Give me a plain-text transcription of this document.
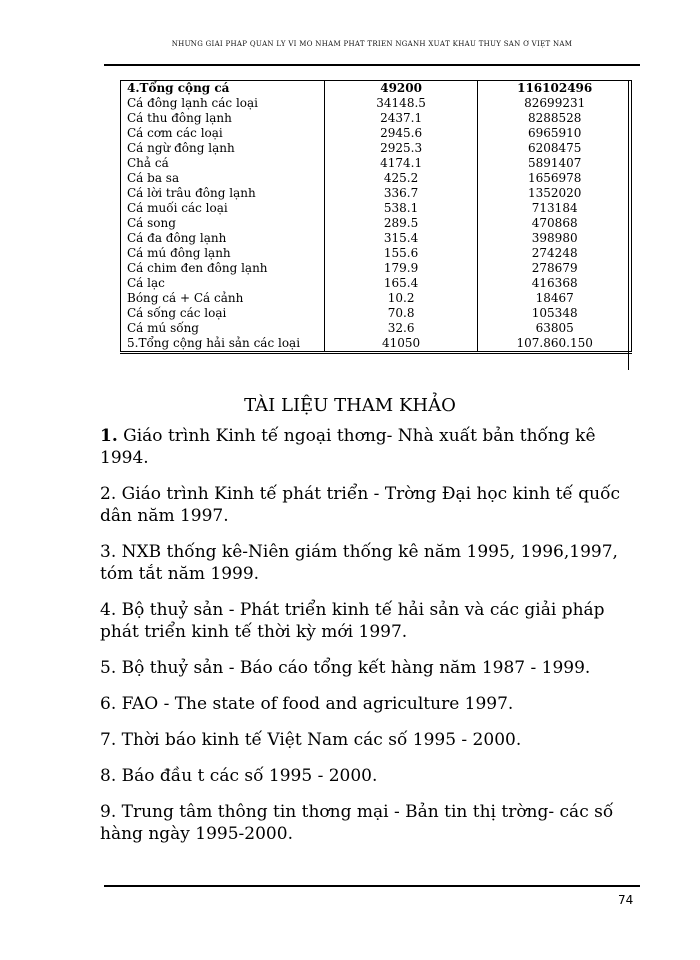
NHỮNG GIẢI PHÁP QUẢN LÝ VĨ MÔ NHẰM PHÁT TRIỂN NGÀNH XUẤT KHẨU THUỶ SẢN Ở VIỆT NAM
4.Tổng cộng cá	49200	116102496
Cá đông lạnh các loại	34148.5	82699231
Cá thu đông lạnh	2437.1	8288528
Cá cơm các loại	2945.6	6965910
Cá ngừ đông lạnh	2925.3	6208475
Chả cá	4174.1	5891407
Cá ba sa	425.2	1656978
Cá lời trâu đông lạnh	336.7	1352020
Cá muối các loại	538.1	713184
Cá song	289.5	470868
Cá đa đông lạnh	315.4	398980
Cá mú đông lạnh	155.6	274248
Cá chim đen đông lạnh	179.9	278679
Cá lạc	165.4	416368
Bóng cá + Cá cảnh	10.2	18467
Cá sống các loại	70.8	105348
Cá mú sống	32.6	63805
5.Tổng cộng hải sản các loại	41050	107.860.150
TÀI LIỆU THAM KHẢO
1. Giáo trình Kinh tế ngoại thơng- Nhà xuất bản thống kê 1994.
2. Giáo trình Kinh tế phát triển - Trờng Đại học kinh tế quốc dân năm 1997.
3. NXB thống kê-Niên giám thống kê năm 1995, 1996,1997, tóm tắt năm 1999.
4. Bộ thuỷ sản - Phát triển kinh tế hải sản và các giải pháp phát triển kinh tế thời kỳ mới 1997.
5. Bộ thuỷ sản - Báo cáo tổng kết hàng năm 1987 - 1999.
6. FAO - The state of food and agriculture 1997.
7. Thời báo kinh tế Việt Nam các số 1995 - 2000.
8. Báo đầu t các số 1995 - 2000.
9. Trung tâm thông tin thơng mại - Bản tin thị trờng- các số hàng ngày 1995-2000.
74
